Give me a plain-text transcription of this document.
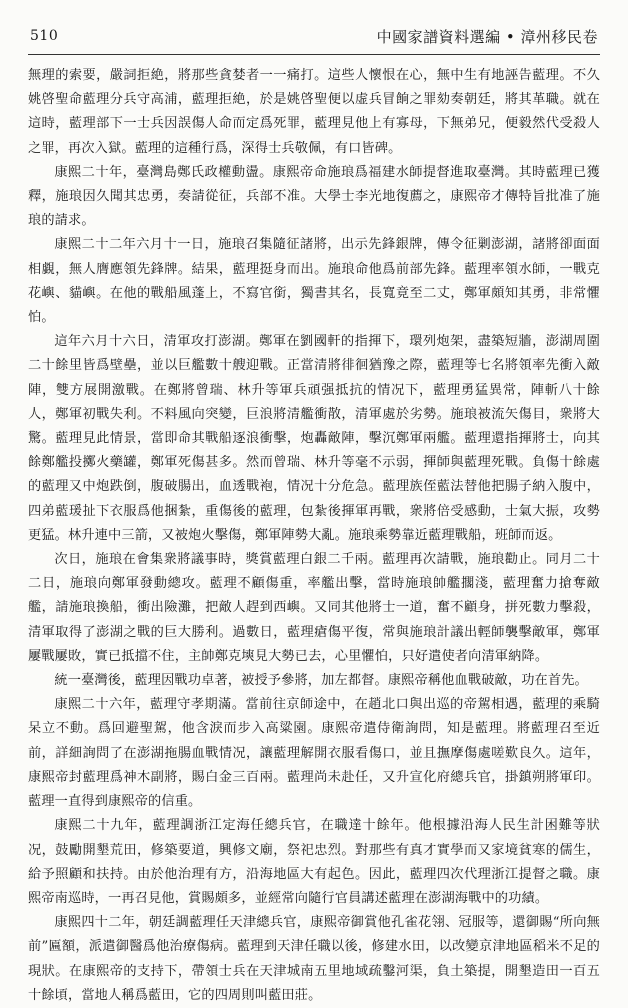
510	中國家譜資料選編 • 漳州移民卷

無理的索要，嚴詞拒絶，將那些貪婪者一一痛打。這些人懷恨在心，無中生有地誣告藍理。不久姚啓聖命藍理分兵守高浦，藍理拒絶，於是姚啓聖便以虚兵冒餉之罪劾奏朝廷，將其革職。就在這時，藍理部下一士兵因誤傷人命而定爲死罪，藍理見他上有寡母，下無弟兄，便毅然代受殺人之罪，再次入獄。藍理的這種行爲，深得士兵敬佩，有口皆碑。

康熙二十年，臺灣島鄭氏政權動盪。康熙帝命施琅爲福建水師提督進取臺灣。其時藍理已獲釋，施琅因久聞其忠勇，奏請從征，兵部不准。大學士李光地復薦之，康熙帝才傳特旨批准了施琅的請求。

康熙二十二年六月十一日，施琅召集隨征諸將，出示先鋒銀牌，傳令征剿澎湖，諸將卻面面相覷，無人膺應領先鋒牌。結果，藍理挺身而出。施琅命他爲前部先鋒。藍理率領水師，一戰克花嶼、貓嶼。在他的戰船風蓬上，不寫官銜，獨書其名，長寬竟至二丈，鄭軍頗知其勇，非常懼怕。

這年六月十六日，清軍攻打澎湖。鄭軍在劉國軒的指揮下，環列炮架，盡築短牆，澎湖周圍二十餘里皆爲壁壘，並以巨艦數十艘迎戰。正當清將徘徊猶豫之際，藍理等七名將領率先衝入敵陣，雙方展開激戰。在鄭將曾瑞、林升等軍兵頑强抵抗的情况下，藍理勇猛異常，陣斬八十餘人，鄭軍初戰失利。不料風向突變，巨浪將清艦衝散，清軍處於劣勢。施琅被流矢傷目，衆將大驚。藍理見此情景，當即命其戰船逐浪衝擊，炮轟敵陣，擊沉鄭軍兩艦。藍理還指揮將士，向其餘鄭艦投擲火藥罐，鄭軍死傷甚多。然而曾瑞、林升等毫不示弱，揮師與藍理死戰。負傷十餘處的藍理又中炮跌倒，腹破腸出，血透戰袍，情况十分危急。藍理族侄藍法替他把腸子納入腹中，四弟藍瑗扯下衣服爲他捆紮，重傷後的藍理，包紮後揮軍再戰，衆將倍受感動，士氣大振，攻勢更猛。林升連中三箭，又被炮火擊傷，鄭軍陣勢大亂。施琅乘勢靠近藍理戰船，班師而返。

次日，施琅在會集衆將議事時，獎賞藍理白銀二千兩。藍理再次請戰，施琅勸止。同月二十二日，施琅向鄭軍發動總攻。藍理不顧傷重，率艦出擊，當時施琅帥艦擱淺，藍理奮力搶奪敵艦，請施琅換船，衝出險灘，把敵人趕到西嶼。又同其他將士一道，奮不顧身，拼死數力擊殺，清軍取得了澎湖之戰的巨大勝利。過數日，藍理瘡傷平復，常與施琅計議出輕師襲擊敵軍，鄭軍屢戰屢敗，實已抵擋不住，主帥鄭克塽見大勢已去，心里懼怕，只好遣使者向清軍納降。

統一臺灣後，藍理因戰功卓著，被授予參將，加左都督。康熙帝稱他血戰破敵，功在首先。

康熙二十六年，藍理守孝期滿。當前往京師途中，在趙北口與出巡的帝駕相遇，藍理的乘騎呆立不動。爲回避聖駕，他含淚而步入高粱園。康熙帝遣侍衛詢問，知是藍理。將藍理召至近前，詳細詢問了在澎湖拖腸血戰情况，讓藍理解開衣服看傷口，並且撫摩傷處嗟歎良久。這年，康熙帝封藍理爲神木副將，賜白金三百兩。藍理尚未赴任，又升宣化府總兵官，掛鎮朔將軍印。藍理一直得到康熙帝的信重。

康熙二十九年，藍理調浙江定海任總兵官，在職達十餘年。他根據沿海人民生計困難等狀况，鼓勵開墾荒田，修築要道，興修文廟，祭祀忠烈。對那些有真才實學而又家境貧寒的儒生，給予照顧和扶持。由於他治理有方，沿海地區大有起色。因此，藍理四次代理浙江提督之職。康熙帝南巡時，一再召見他，賞賜頗多，並經常向隨行官員講述藍理在澎湖海戰中的功績。

康熙四十二年，朝廷調藍理任天津總兵官，康熙帝御賞他孔雀花翎、冠服等，還御賜“所向無前”匾額，派遣御醫爲他治療傷病。藍理到天津任職以後，修建水田，以改變京津地區稻米不足的現狀。在康熙帝的支持下，帶領士兵在天津城南五里地域疏鑿河渠，負土築提，開墾造田一百五十餘頃，當地人稱爲藍田，它的四周則叫藍田莊。
